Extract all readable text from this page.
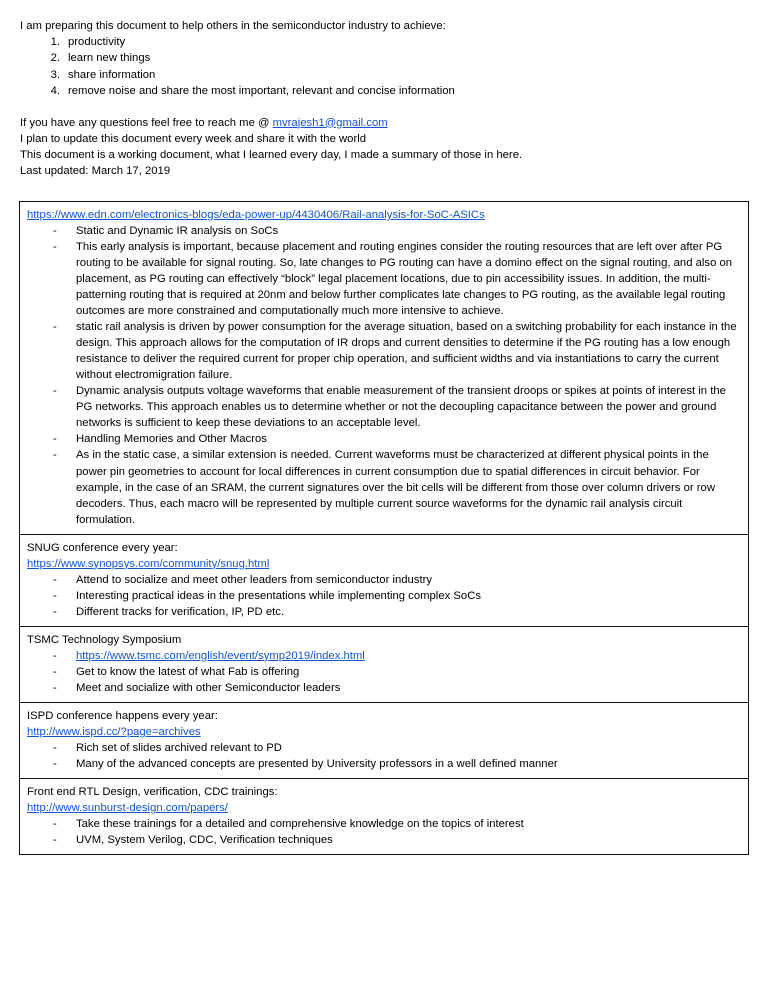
I am preparing this document to help others in the semiconductor industry to achieve:

1. productivity
2. learn new things
3. share information
4. remove noise and share the most important, relevant and concise information

If you have any questions feel free to reach me @ mvrajesh1@gmail.com

I plan to update this document every week and share it with the world

This document is a working document, what I learned every day, I made a summary of those in here.

Last updated: March 17, 2019

https://www.edn.com/electronics-blogs/eda-power-up/4430406/Rail-analysis-for-SoC-ASICs

-	Static and Dynamic IR analysis on SoCs
-	This early analysis is important, because placement and routing engines consider the routing resources that are left over after PG routing to be available for signal routing. So, late changes to PG routing can have a domino effect on the signal routing, and also on placement, as PG routing can effectively “block” legal placement locations, due to pin accessibility issues. In addition, the multi-patterning routing that is required at 20nm and below further complicates late changes to PG routing, as the available legal routing outcomes are more constrained and computationally much more intensive to achieve.
-	static rail analysis is driven by power consumption for the average situation, based on a switching probability for each instance in the design. This approach allows for the computation of IR drops and current densities to determine if the PG routing has a low enough resistance to deliver the required current for proper chip operation, and sufficient widths and via instantiations to carry the current without electromigration failure.
-	Dynamic analysis outputs voltage waveforms that enable measurement of the transient droops or spikes at points of interest in the PG networks. This approach enables us to determine whether or not the decoupling capacitance between the power and ground networks is sufficient to keep these deviations to an acceptable level.
-	Handling Memories and Other Macros
-	As in the static case, a similar extension is needed. Current waveforms must be characterized at different physical points in the power pin geometries to account for local differences in current consumption due to spatial differences in circuit behavior. For example, in the case of an SRAM, the current signatures over the bit cells will be different from those over column drivers or row decoders. Thus, each macro will be represented by multiple current source waveforms for the dynamic rail analysis circuit formulation.

SNUG conference every year:

https://www.synopsys.com/community/snug.html

-	Attend to socialize and meet other leaders from semiconductor industry
-	Interesting practical ideas in the presentations while implementing complex SoCs
-	Different tracks for verification, IP, PD etc.

TSMC Technology Symposium

-	https://www.tsmc.com/english/event/symp2019/index.html
-	Get to know the latest of what Fab is offering
-	Meet and socialize with other Semiconductor leaders

ISPD conference happens every year:

http://www.ispd.cc/?page=archives

-	Rich set of slides archived relevant to PD
-	Many of the advanced concepts are presented by University professors in a well defined manner

Front end RTL Design, verification, CDC trainings:

http://www.sunburst-design.com/papers/

-	Take these trainings for a detailed and comprehensive knowledge on the topics of interest
-	UVM, System Verilog, CDC, Verification techniques
